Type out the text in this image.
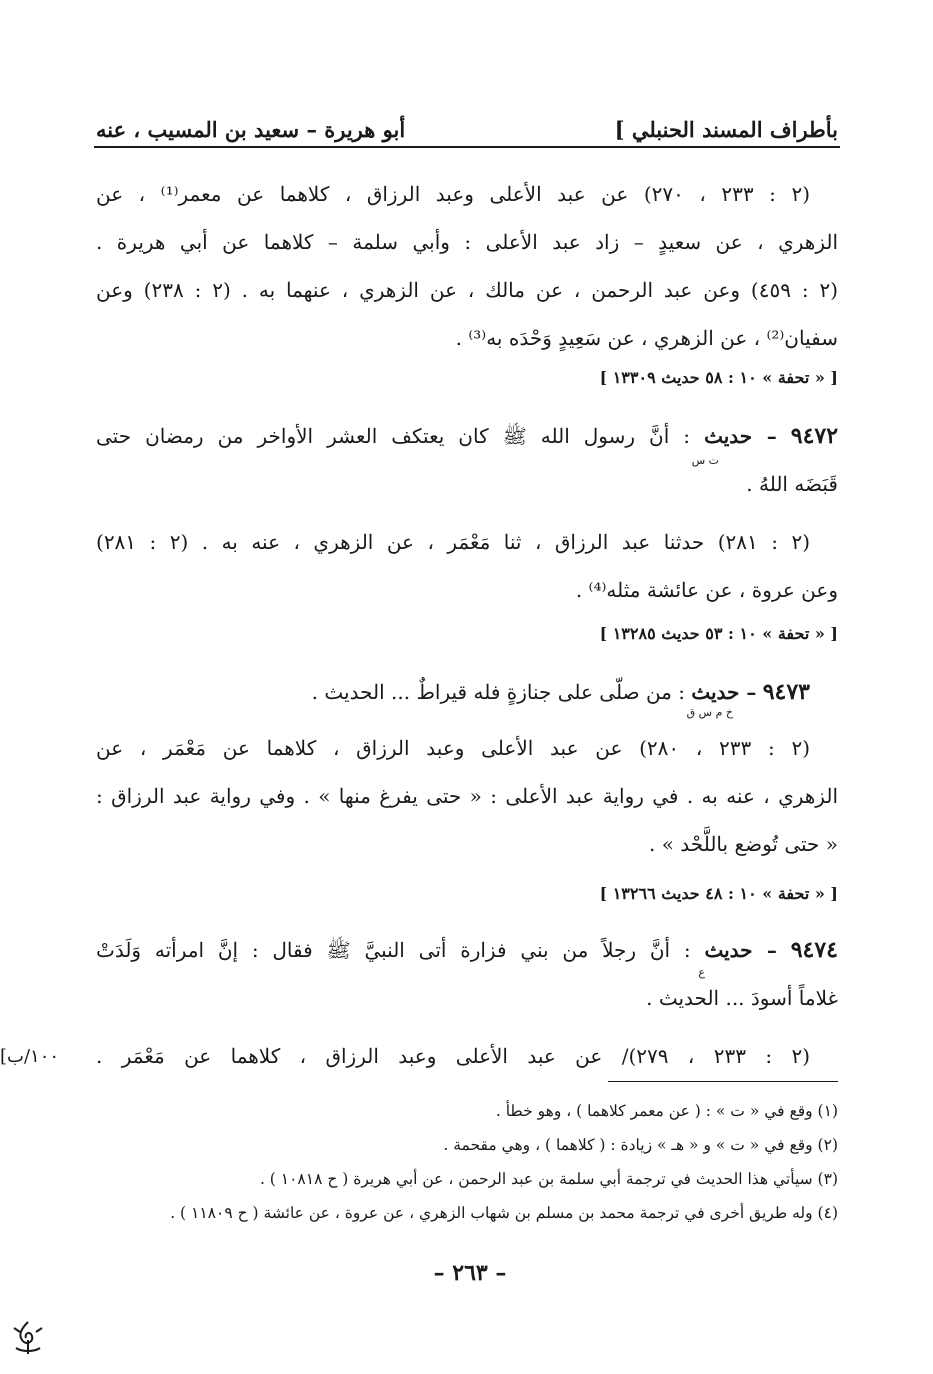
بأطراف المسند الحنبلي ]
أبو هريرة – سعيد بن المسيب ، عنه
(٢ : ٢٣٣ ، ٢٧٠) عن عبد الأعلى وعبد الرزاق ، كلاهما عن معمر⁽¹⁾ ، عن
الزهري ، عن سعيدٍ – زاد عبد الأعلى : وأبي سلمة – كلاهما عن أبي هريرة .
(٢ : ٤٥٩) وعن عبد الرحمن ، عن مالك ، عن الزهري ، عنهما به . (٢ : ٢٣٨) وعن
سفيان⁽²⁾ ، عن الزهري ، عن سَعِيدٍ وَحْدَه به⁽³⁾ .
[ « تحفة » ١٠ : ٥٨ حديث ١٣٣٠٩ ]
٩٤٧٢ – حديث : أنَّ رسول الله ﷺ كان يعتكف العشر الأواخر من رمضان حتى
قَبَضَه اللهُ .
ت س
(٢ : ٢٨١) حدثنا عبد الرزاق ، ثنا مَعْمَر ، عن الزهري ، عنه به . (٢ : ٢٨١)
وعن عروة ، عن عائشة مثله⁽⁴⁾ .
[ « تحفة » ١٠ : ٥٣ حديث ١٣٢٨٥ ]
٩٤٧٣ – حديث : من صلّى على جنازةٍ فله قيراطٌ ... الحديث .
خ م س ق
(٢ : ٢٣٣ ، ٢٨٠) عن عبد الأعلى وعبد الرزاق ، كلاهما عن مَعْمَر ، عن
الزهري ، عنه به . في رواية عبد الأعلى : « حتى يفرغ منها » . وفي رواية عبد الرزاق :
« حتى تُوضع باللَّحْد » .
[ « تحفة » ١٠ : ٤٨ حديث ١٣٢٦٦ ]
٩٤٧٤ – حديث : أنَّ رجلاً من بني فزارة أتى النبيَّ ﷺ فقال : إنَّ امرأته وَلَدَتْ
غلاماً أسودَ ... الحديث .
ع
(٢ : ٢٣٣ ، ٢٧٩)/ عن عبد الأعلى وعبد الرزاق ، كلاهما عن مَعْمَر .
[١٠٠/ب
(١) وقع في « ت » : ( عن معمر كلاهما ) ، وهو خطأ .
(٢) وقع في « ت » و « هـ » زيادة : ( كلاهما ) ، وهي مقحمة .
(٣) سيأتي هذا الحديث في ترجمة أبي سلمة بن عبد الرحمن ، عن أبي هريرة ( ح ١٠٨١٨ ) .
(٤) وله طريق أخرى في ترجمة محمد بن مسلم بن شهاب الزهري ، عن عروة ، عن عائشة ( ح ١١٨٠٩ ) .
– ٢٦٣ –
